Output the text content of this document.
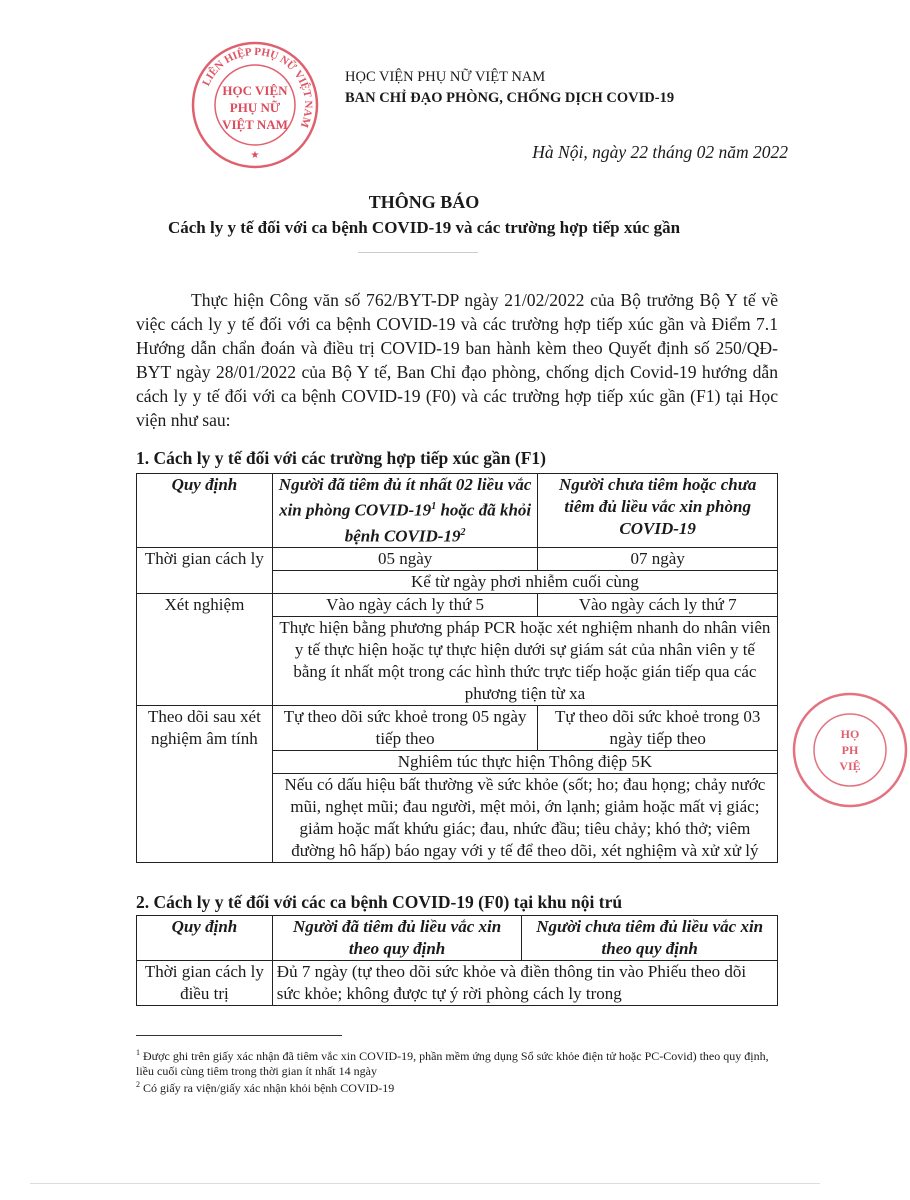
LIÊN HIỆP PHỤ NỮ VIỆT NAM
HỌC VIỆN
PHỤ NỮ
VIỆT NAM
★
HỌ
PH
VIỆ
HỌC VIỆN PHỤ NỮ VIỆT NAM
BAN CHỈ ĐẠO PHÒNG, CHỐNG DỊCH COVID-19
Hà Nội, ngày 22 tháng 02 năm 2022
THÔNG BÁO
Cách ly y tế đối với ca bệnh COVID-19 và các trường hợp tiếp xúc gần
Thực hiện Công văn số 762/BYT-DP ngày 21/02/2022 của Bộ trưởng Bộ Y tế về việc cách ly y tế đối với ca bệnh COVID-19 và các trường hợp tiếp xúc gần và Điểm 7.1 Hướng dẫn chẩn đoán và điều trị COVID-19 ban hành kèm theo Quyết định số 250/QĐ-BYT ngày 28/01/2022 của Bộ Y tế, Ban Chỉ đạo phòng, chống dịch Covid-19 hướng dẫn cách ly y tế đối với ca bệnh COVID-19 (F0) và các trường hợp tiếp xúc gần (F1) tại Học viện như sau:
1. Cách ly y tế đối với các trường hợp tiếp xúc gần (F1)
Quy định	Người đã tiêm đủ ít nhất 02 liều vắc xin phòng COVID-$19^1$ hoặc đã khỏi bệnh COVID-$19^2$	Người chưa tiêm hoặc chưa tiêm đủ liều vắc xin phòng COVID-19
Thời gian cách ly	05 ngày	07 ngày
	Kể từ ngày phơi nhiễm cuối cùng	
Xét nghiệm	Vào ngày cách ly thứ 5	Vào ngày cách ly thứ 7
	Thực hiện bằng phương pháp PCR hoặc xét nghiệm nhanh do nhân viên y tế thực hiện hoặc tự thực hiện dưới sự giám sát của nhân viên y tế bằng ít nhất một trong các hình thức trực tiếp hoặc gián tiếp qua các phương tiện từ xa	
Theo dõi sau xét nghiệm âm tính	Tự theo dõi sức khoẻ trong 05 ngày tiếp theo	Tự theo dõi sức khoẻ trong 03 ngày tiếp theo
	Nghiêm túc thực hiện Thông điệp 5K	
	Nếu có dấu hiệu bất thường về sức khỏe (sốt; ho; đau họng; chảy nước mũi, nghẹt mũi; đau người, mệt mỏi, ớn lạnh; giảm hoặc mất vị giác; giảm hoặc mất khứu giác; đau, nhức đầu; tiêu chảy; khó thở; viêm đường hô hấp) báo ngay với y tế để theo dõi, xét nghiệm và xử xử lý	
2. Cách ly y tế đối với các ca bệnh COVID-19 (F0) tại khu nội trú
Quy định	Người đã tiêm đủ liều vắc xin theo quy định	Người chưa tiêm đủ liều vắc xin theo quy định
Thời gian cách ly điều trị	Đủ 7 ngày (tự theo dõi sức khỏe và điền thông tin vào Phiếu theo dõi sức khỏe; không được tự ý rời phòng cách ly trong	
$^1$ Được ghi trên giấy xác nhận đã tiêm vắc xin COVID-19, phần mềm ứng dụng Sổ sức khỏe điện tử hoặc PC-Covid) theo quy định, liều cuối cùng tiêm trong thời gian ít nhất 14 ngày
$^2$ Có giấy ra viện/giấy xác nhận khỏi bệnh COVID-19
